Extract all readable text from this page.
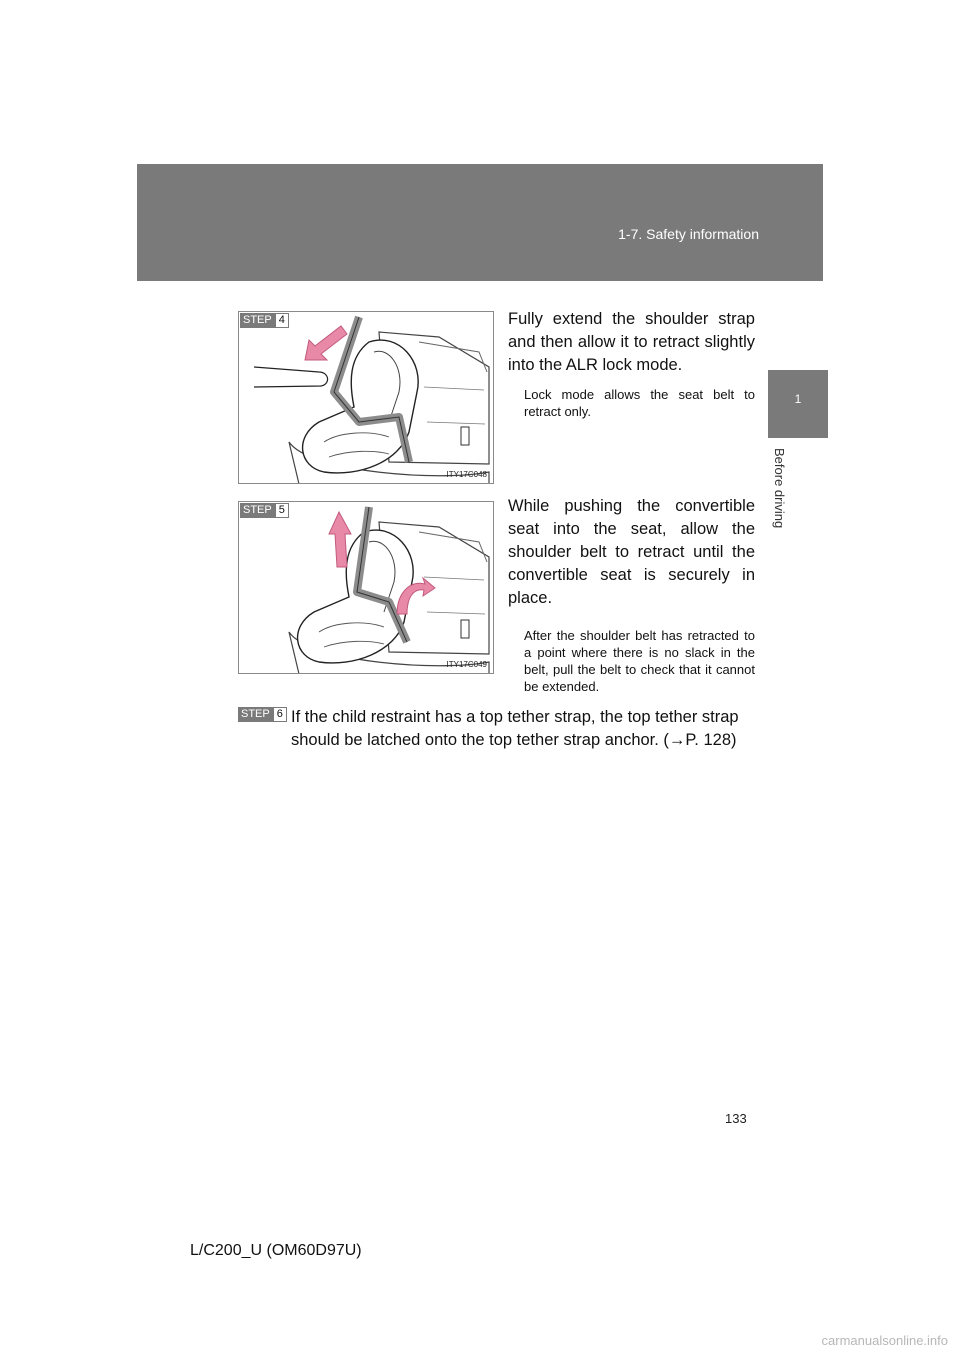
1-7. Safety information
1
Before driving
STEP 4
ITY17C048
Fully extend the shoulder strap and then allow it to retract slightly into the ALR lock mode.
Lock mode allows the seat belt to retract only.
STEP 5
ITY17C049
While pushing the convertible seat into the seat, allow the shoulder belt to retract until the convertible seat is securely in place.
After the shoulder belt has retracted to a point where there is no slack in the belt, pull the belt to check that it cannot be extended.
STEP 6 If the child restraint has a top tether strap, the top tether strap
should be latched onto the top tether strap anchor. (→P. 128)
133
L/C200_U (OM60D97U)
carmanualsonline.info
